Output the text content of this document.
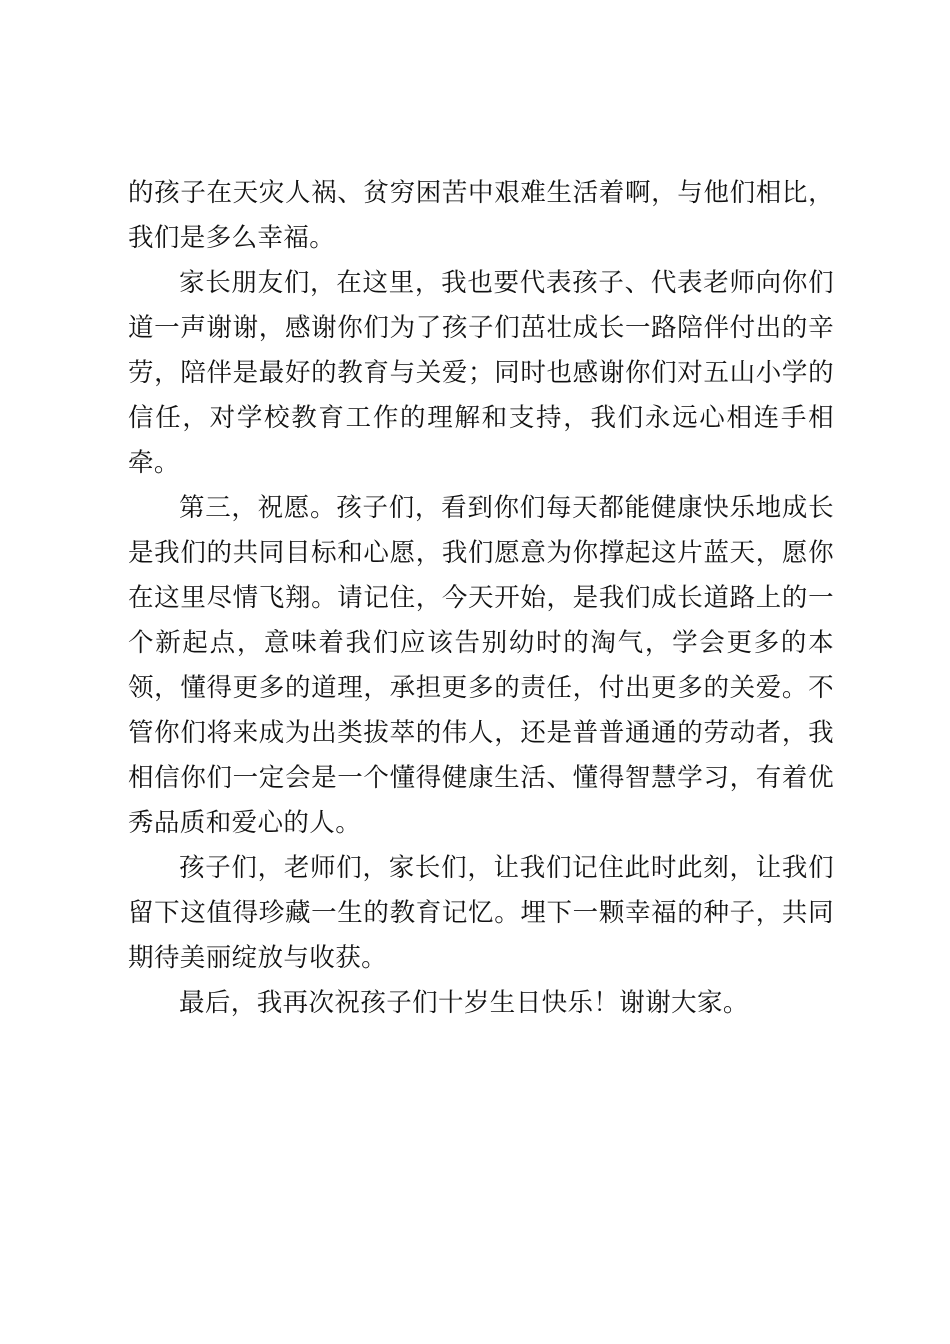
的孩子在天灾人祸、贫穷困苦中艰难生活着啊，与他们相比，我们是多么幸福。

家长朋友们，在这里，我也要代表孩子、代表老师向你们道一声谢谢，感谢你们为了孩子们茁壮成长一路陪伴付出的辛劳，陪伴是最好的教育与关爱；同时也感谢你们对五山小学的信任，对学校教育工作的理解和支持，我们永远心相连手相牵。

第三，祝愿。孩子们，看到你们每天都能健康快乐地成长是我们的共同目标和心愿，我们愿意为你撑起这片蓝天，愿你在这里尽情飞翔。请记住，今天开始，是我们成长道路上的一个新起点，意味着我们应该告别幼时的淘气，学会更多的本领，懂得更多的道理，承担更多的责任，付出更多的关爱。不管你们将来成为出类拔萃的伟人，还是普普通通的劳动者，我相信你们一定会是一个懂得健康生活、懂得智慧学习，有着优秀品质和爱心的人。

孩子们，老师们，家长们，让我们记住此时此刻，让我们留下这值得珍藏一生的教育记忆。埋下一颗幸福的种子，共同期待美丽绽放与收获。

最后，我再次祝孩子们十岁生日快乐！谢谢大家。
